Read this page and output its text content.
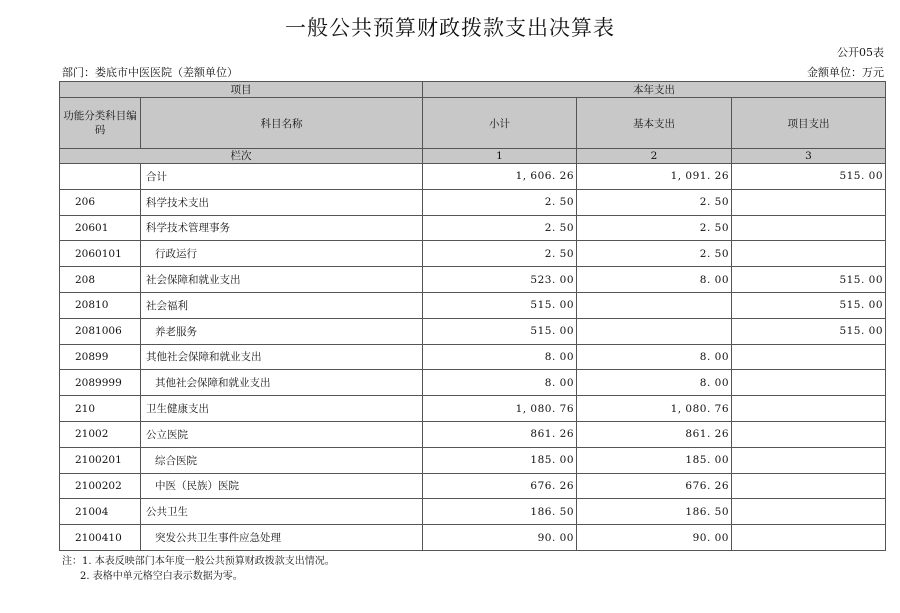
一般公共预算财政拨款支出决算表
公开05表
部门：娄底市中医医院（差额单位）	金额单位：万元
项目		本年支出		
功能分类科目编码	科目名称	小计	基本支出	项目支出
栏次		1	2	3
	合计	1, 606. 26	1, 091. 26	515. 00
206	科学技术支出	2. 50	2. 50	
20601	科学技术管理事务	2. 50	2. 50	
2060101	行政运行	2. 50	2. 50	
208	社会保障和就业支出	523. 00	8. 00	515. 00
20810	社会福利	515. 00		515. 00
2081006	养老服务	515. 00		515. 00
20899	其他社会保障和就业支出	8. 00	8. 00	
2089999	其他社会保障和就业支出	8. 00	8. 00	
210	卫生健康支出	1, 080. 76	1, 080. 76	
21002	公立医院	861. 26	861. 26	
2100201	综合医院	185. 00	185. 00	
2100202	中医（民族）医院	676. 26	676. 26	
21004	公共卫生	186. 50	186. 50	
2100410	突发公共卫生事件应急处理	90. 00	90. 00	
注：1. 本表反映部门本年度一般公共预算财政拨款支出情况。
2. 表格中单元格空白表示数据为零。
